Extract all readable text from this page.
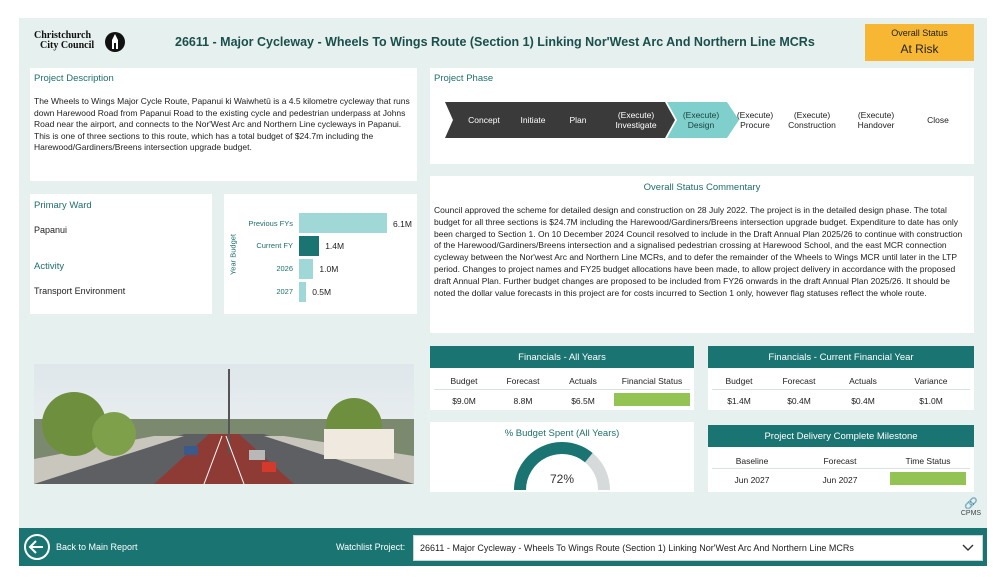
Christchurch
City Council	26611 - Major Cycleway - Wheels To Wings Route (Section 1) Linking Nor'West Arc And Northern Line MCRs
Overall Status
At Risk
Project Description
The Wheels to Wings Major Cycle Route, Papanui ki Waiwhetū is a 4.5 kilometre cycleway that runs down Harewood Road from Papanui Road to the existing cycle and pedestrian underpass at Johns Road near the airport, and connects to the Nor'West Arc and Northern Line cycleways in Papanui. This is one of three sections to this route, which has a total budget of $24.7m including the Harewood/Gardiners/Breens intersection upgrade budget.
Project Phase
Concept Initiate	Plan	(Execute)
Investigate
(Execute)
Design
(Execute)
Procure
(Execute)
Construction
(Execute)
Handover	Close
Primary Ward
Papanui
Activity
Transport Environment
Year Budget
Previous FYs
Current FY
2026
2027
6.1M
1.4M
1.0M
0.5M
Overall Status Commentary
Council approved the scheme for detailed design and construction on 28 July 2022. The project is in the detailed design phase. The total budget for all three sections is $24.7M including the Harewood/Gardiners/Breens intersection upgrade budget. Expenditure to date has only been charged to Section 1. On 10 December 2024 Council resolved to include in the Draft Annual Plan 2025/26 to continue with construction of the Harewood/Gardiners/Breens intersection and a signalised pedestrian crossing at Harewood School, and the east MCR connection cycleway between the Nor'west Arc and Northern Line MCRs, and to defer the remainder of the Wheels to Wings MCR until later in the LTP period. Changes to project names and FY25 budget allocations have been made, to allow project delivery in accordance with the proposed draft Annual Plan. Further budget changes are proposed to be included from FY26 onwards in the draft Annual Plan 2025/26. It should be noted the dollar value forecasts in this project are for costs incurred to Section 1 only, however flag statuses reflect the whole route.
Financials - All Years
Budget	Forecast	Actuals	Financial Status
$9.0M	8.8M	$6.5M
Financials - Current Financial Year
Budget	Forecast	Actuals	Variance
$1.4M	$0.4M	$0.4M	$1.0M
% Budget Spent (All Years)
72%
Project Delivery Complete Milestone
Baseline	Forecast	Time Status
Jun 2027	Jun 2027
🔗
CPMS
Back to Main Report	Watchlist Project: 26611 - Major Cycleway - Wheels To Wings Route (Section 1) Linking Nor'West Arc And Northern Line MCRs
